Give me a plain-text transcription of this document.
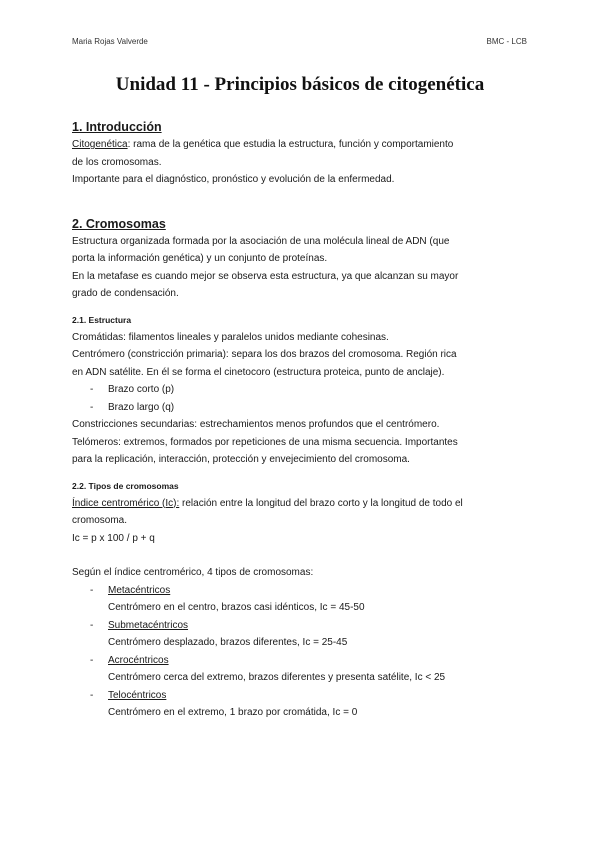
Maria Rojas Valverde	BMC - LCB
Unidad 11 - Principios básicos de citogenética
1. Introducción
Citogenética: rama de la genética que estudia la estructura, función y comportamiento
de los cromosomas.
Importante para el diagnóstico, pronóstico y evolución de la enfermedad.
2. Cromosomas
Estructura organizada formada por la asociación de una molécula lineal de ADN (que
porta la información genética) y un conjunto de proteínas.
En la metafase es cuando mejor se observa esta estructura, ya que alcanzan su mayor
grado de condensación.
2.1. Estructura
Cromátidas: filamentos lineales y paralelos unidos mediante cohesinas.
Centrómero (constricción primaria): separa los dos brazos del cromosoma. Región rica
en ADN satélite. En él se forma el cinetocoro (estructura proteica, punto de anclaje).
- Brazo corto (p)
- Brazo largo (q)
Constricciones secundarias: estrechamientos menos profundos que el centrómero.
Telómeros: extremos, formados por repeticiones de una misma secuencia. Importantes
para la replicación, interacción, protección y envejecimiento del cromosoma.
2.2. Tipos de cromosomas
Índice centromérico (Ic): relación entre la longitud del brazo corto y la longitud de todo el
cromosoma.
Ic = p x 100 / p + q
Según el índice centromérico, 4 tipos de cromosomas:
- Metacéntricos
Centrómero en el centro, brazos casi idénticos, Ic = 45-50
- Submetacéntricos
Centrómero desplazado, brazos diferentes, Ic = 25-45
- Acrocéntricos
Centrómero cerca del extremo, brazos diferentes y presenta satélite, Ic < 25
- Telocéntricos
Centrómero en el extremo, 1 brazo por cromátida, Ic = 0
